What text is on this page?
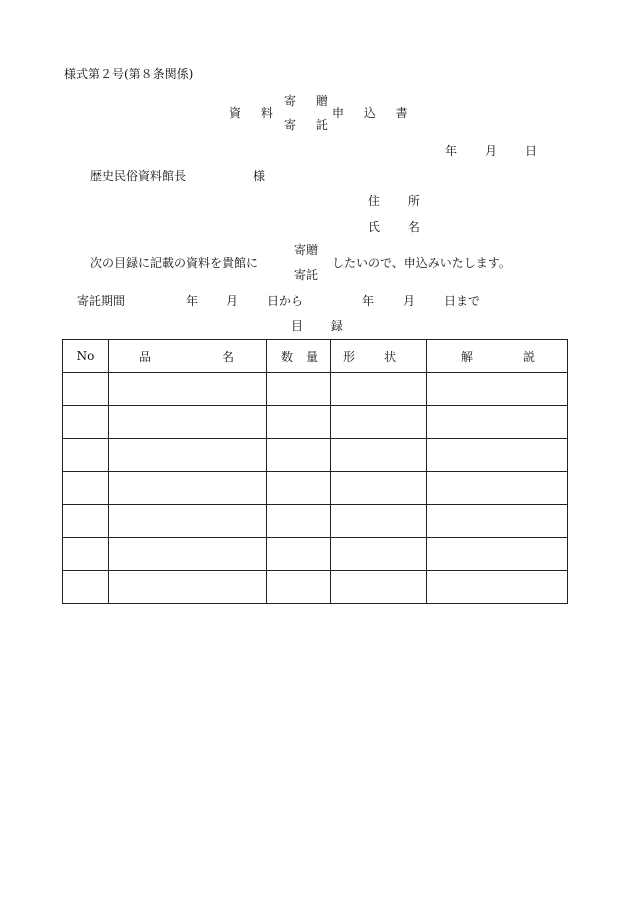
様式第２号(第８条関係)
資 料
寄 贈
寄 託
申 込 書
年 月 日
歴史民俗資料館長	様
住 所
氏 名
次の目録に記載の資料を貴館に
寄贈
寄託
したいので、申込みいたします。
寄託期間	年 月 日から	年 月 日まで
目 録
No	品 名	数 量	形 状	解 説
